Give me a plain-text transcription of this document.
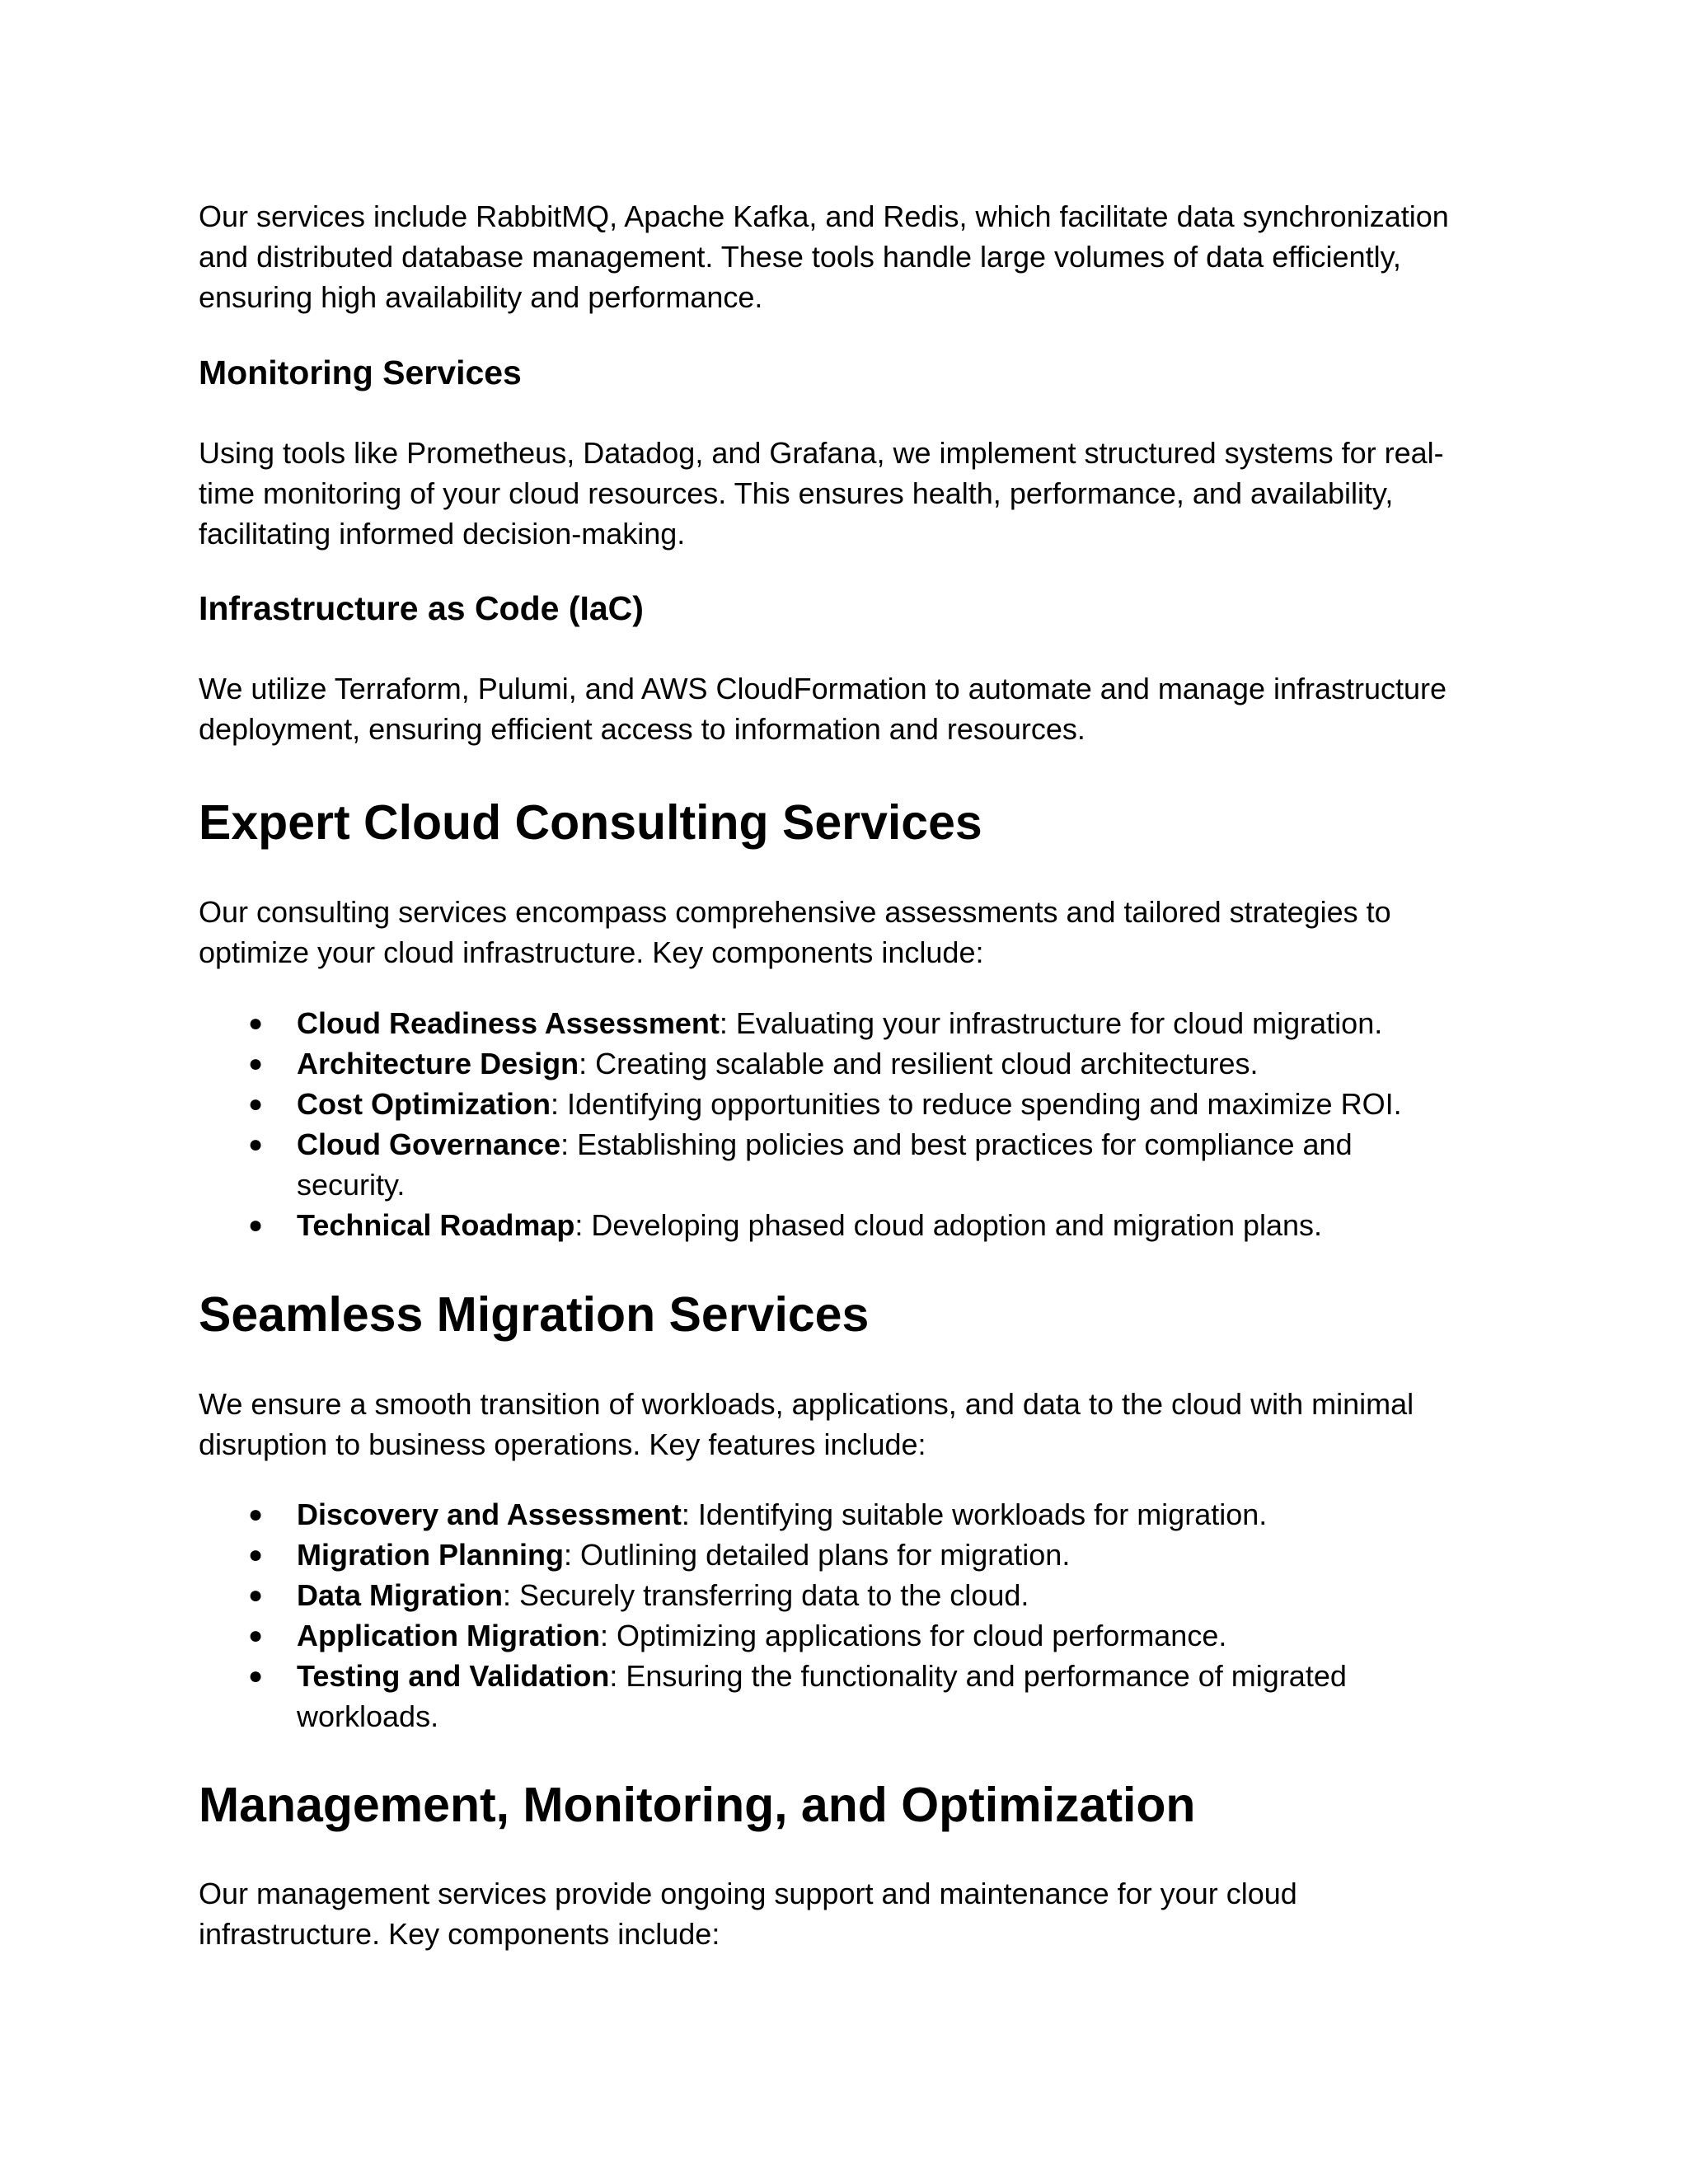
Our services include RabbitMQ, Apache Kafka, and Redis, which facilitate data synchronization and distributed database management. These tools handle large volumes of data efficiently, ensuring high availability and performance.

Monitoring Services

Using tools like Prometheus, Datadog, and Grafana, we implement structured systems for real-time monitoring of your cloud resources. This ensures health, performance, and availability, facilitating informed decision-making.

Infrastructure as Code (IaC)

We utilize Terraform, Pulumi, and AWS CloudFormation to automate and manage infrastructure deployment, ensuring efficient access to information and resources.

Expert Cloud Consulting Services

Our consulting services encompass comprehensive assessments and tailored strategies to optimize your cloud infrastructure. Key components include:

● Cloud Readiness Assessment: Evaluating your infrastructure for cloud migration.
● Architecture Design: Creating scalable and resilient cloud architectures.
● Cost Optimization: Identifying opportunities to reduce spending and maximize ROI.
● Cloud Governance: Establishing policies and best practices for compliance and security.
● Technical Roadmap: Developing phased cloud adoption and migration plans.
Seamless Migration Services

We ensure a smooth transition of workloads, applications, and data to the cloud with minimal disruption to business operations. Key features include:

● Discovery and Assessment: Identifying suitable workloads for migration.
● Migration Planning: Outlining detailed plans for migration.
● Data Migration: Securely transferring data to the cloud.
● Application Migration: Optimizing applications for cloud performance.
● Testing and Validation: Ensuring the functionality and performance of migrated workloads.
Management, Monitoring, and Optimization

Our management services provide ongoing support and maintenance for your cloud infrastructure. Key components include:
